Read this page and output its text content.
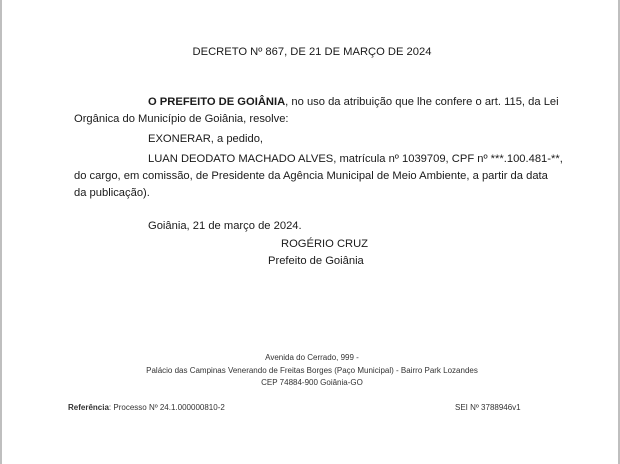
DECRETO Nº 867, DE 21 DE MARÇO DE 2024
O PREFEITO DE GOIÂNIA, no uso da atribuição que lhe confere o art. 115, da Lei
Orgânica do Município de Goiânia, resolve:
EXONERAR, a pedido,
LUAN DEODATO MACHADO ALVES, matrícula nº 1039709, CPF nº ***.100.481-**,
do cargo, em comissão, de Presidente da Agência Municipal de Meio Ambiente, a partir da data
da publicação).
Goiânia, 21 de março de 2024.
ROGÉRIO CRUZ
Prefeito de Goiânia
Avenida do Cerrado, 999 -
Palácio das Campinas Venerando de Freitas Borges (Paço Municipal) - Bairro Park Lozandes
CEP 74884-900 Goiânia-GO
Referência: Processo Nº 24.1.000000810-2	SEI Nº 3788946v1
